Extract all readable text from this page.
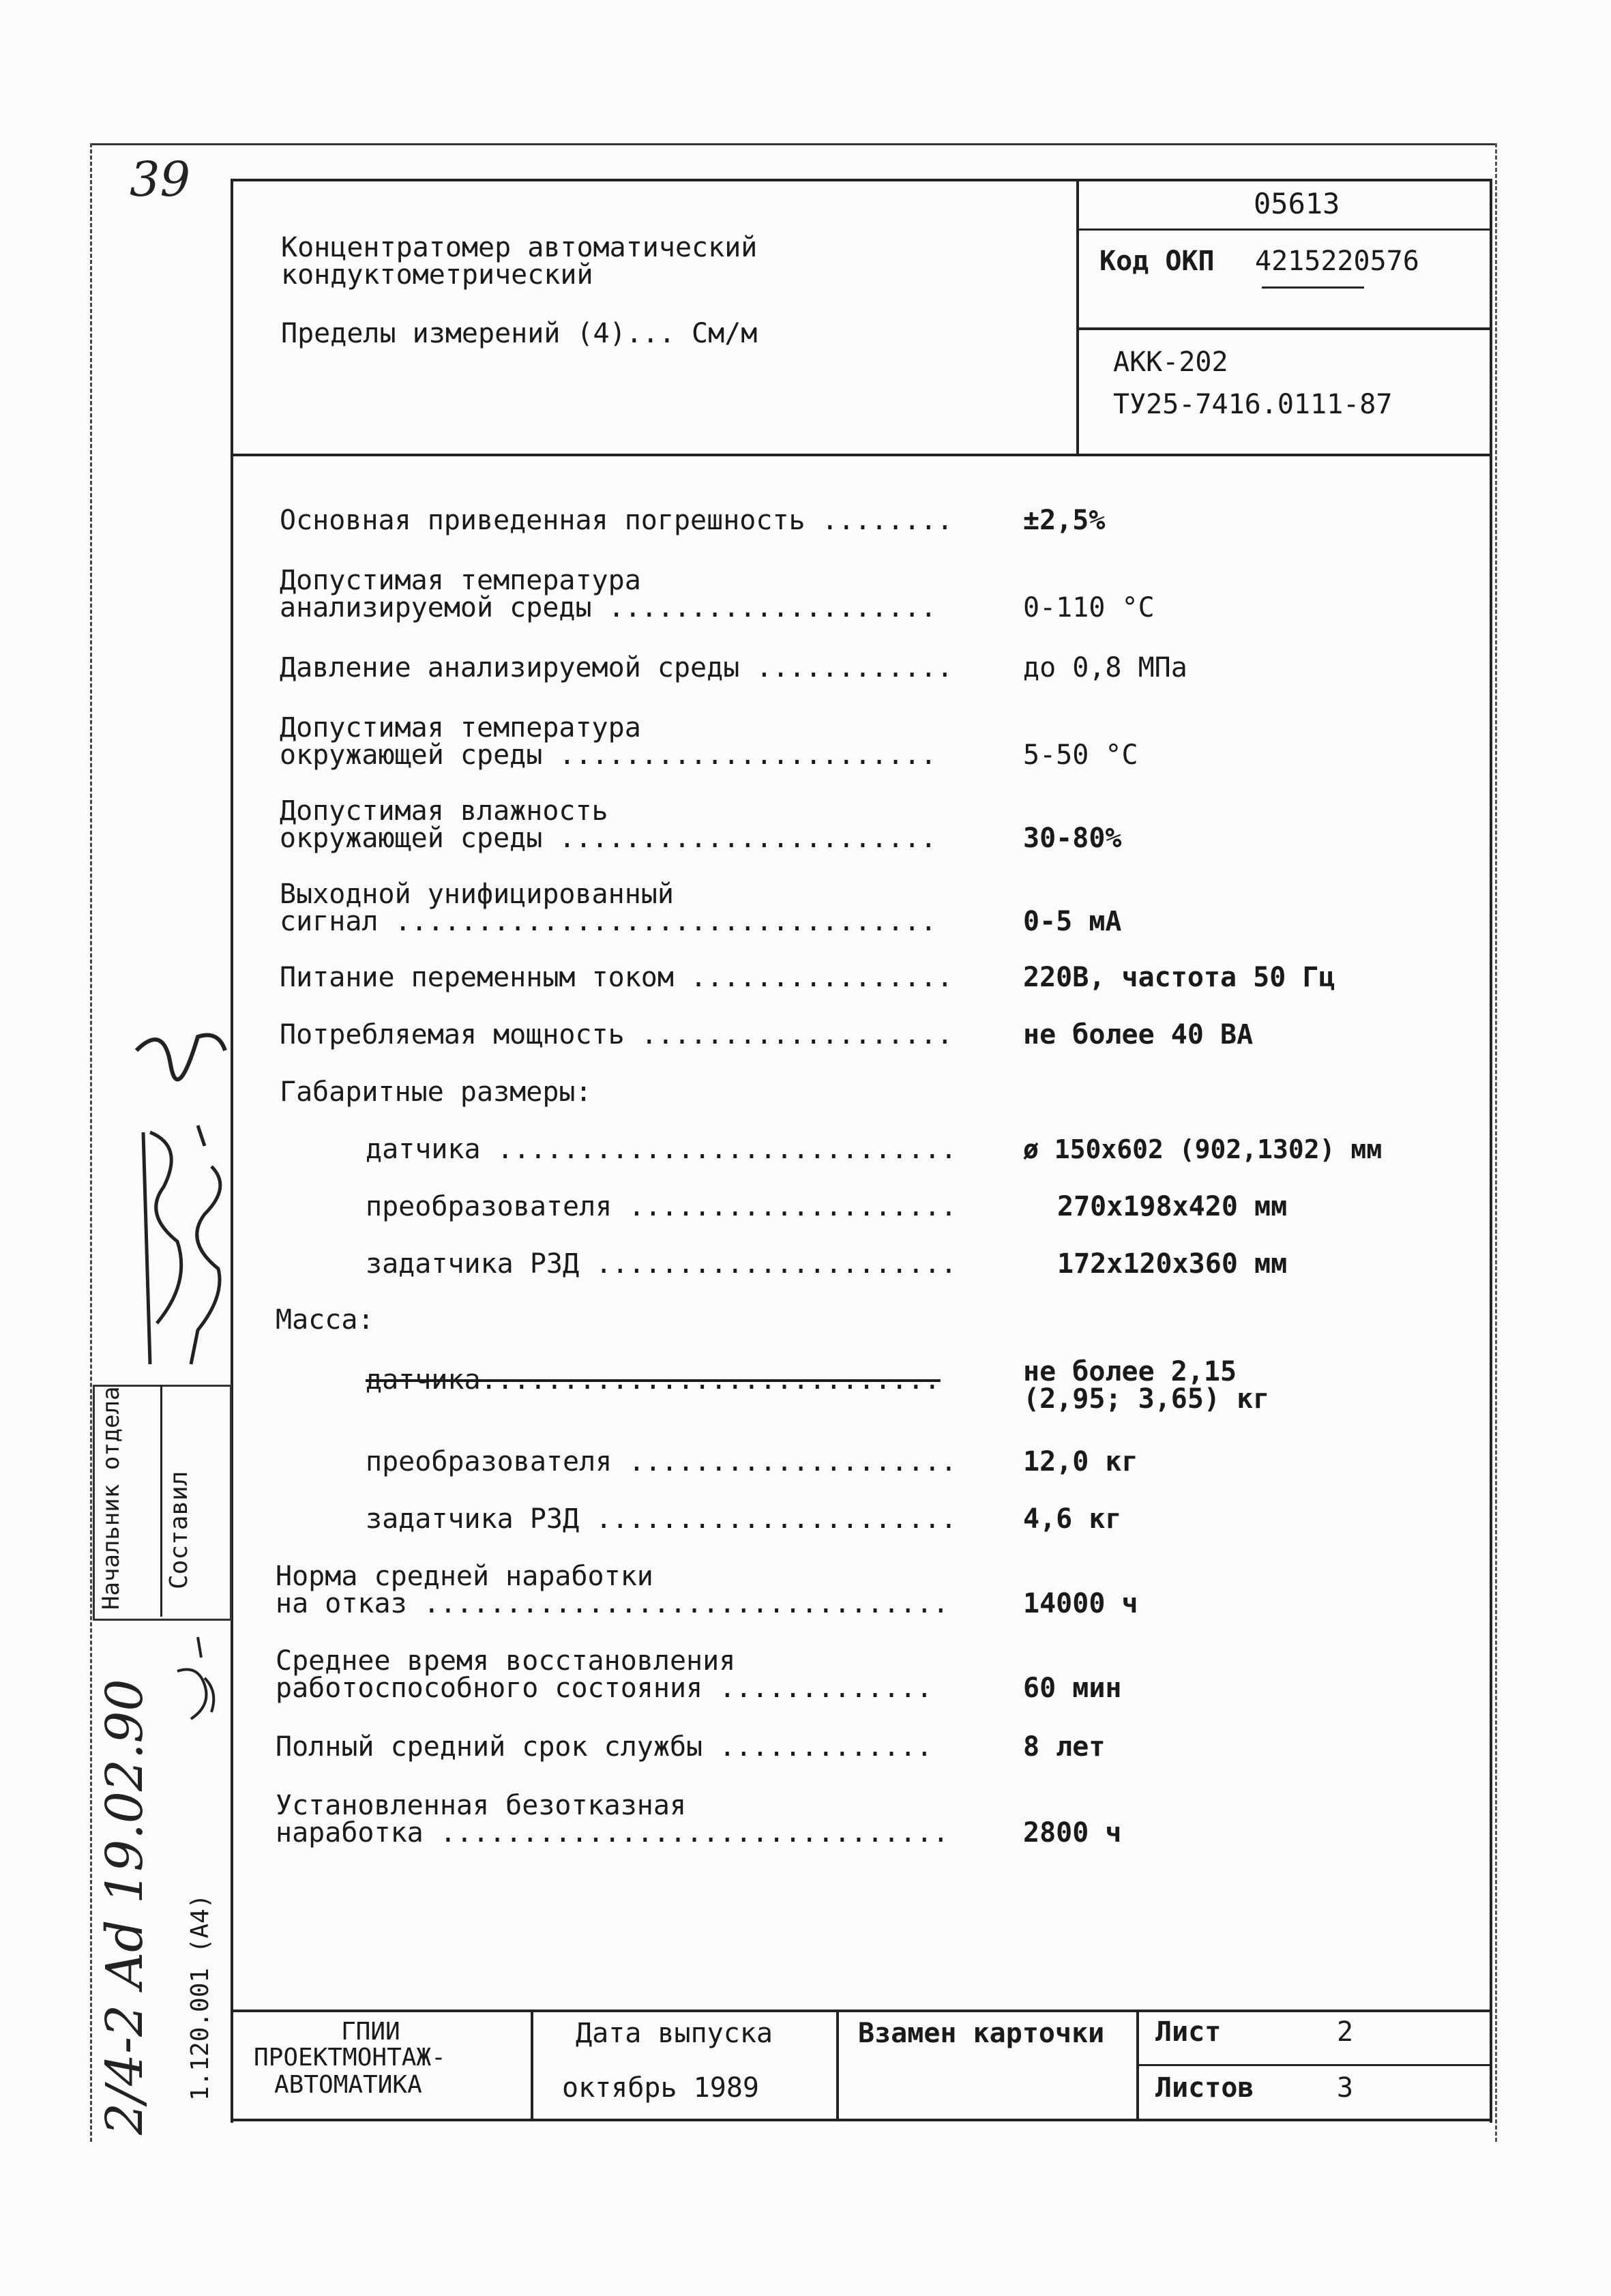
39
Концентратомер автоматический
кондуктометрический
Пределы измерений (4)... См/м
05613
Код ОКП 4215220576
АКК-202
ТУ25-7416.0111-87
Основная приведенная погрешность ........	±2,5%
Допустимая температура
анализируемой среды ....................	0-110 °С
Давление анализируемой среды ............	до 0,8 МПа
Допустимая температура
окружающей среды .......................	5-50 °С
Допустимая влажность
окружающей среды .......................	30-80%
Выходной унифицированный
сигнал .................................	0-5 мА
Питание переменным током ................	220В, частота 50 Гц
Потребляемая мощность ...................	не более 40 ВА
Габаритные размеры:
датчика ............................	ø 150х602 (902,1302) мм
преобразователя ....................	270х198х420 мм
задатчика РЗД ......................	172х120х360 мм
Масса:
датчика............................	не более 2,15
(2,95; 3,65) кг
преобразователя .................... 12,0 кг
задатчика РЗД ...................... 4,6 кг
Норма средней наработки
на отказ ................................	14000 ч
Среднее время восстановления
работоспособного состояния .............	60 мин
Полный средний срок службы .............	8 лет
Установленная безотказная
наработка ...............................	2800 ч
ГПИИ
ПРОЕКТМОНТАЖ-
АВТОМАТИКА
Дата выпуска
октябрь 1989
Взамен карточки Лист	2
Листов	3
Начальник отдела Составил
1.120.001 (А4)
2/4-2 Ad 19.02.90
